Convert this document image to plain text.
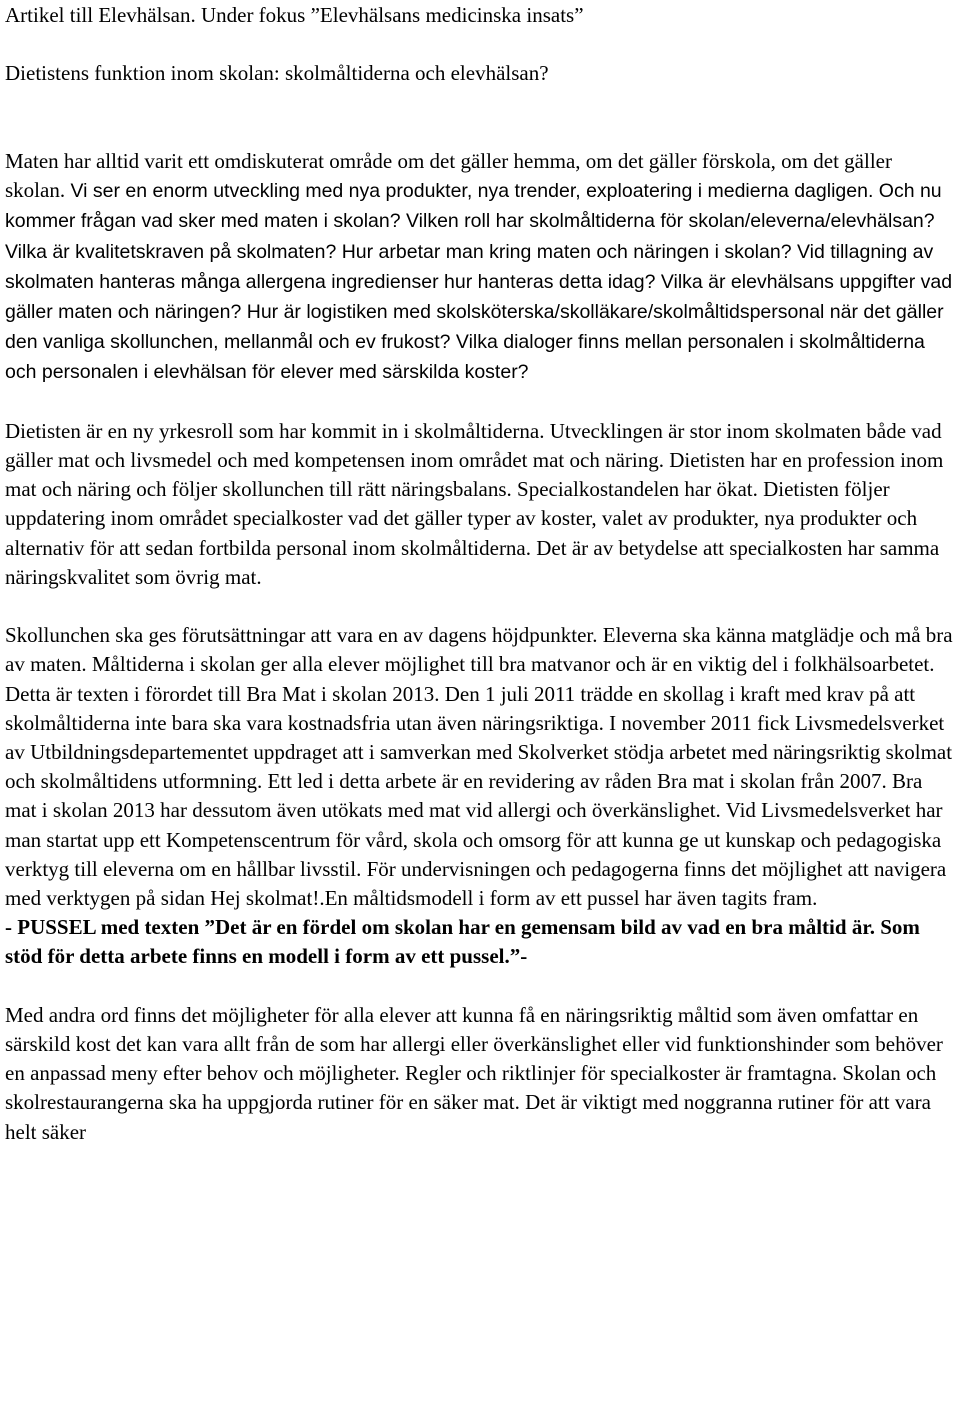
Artikel till Elevhälsan. Under fokus ”Elevhälsans medicinska insats”

Dietistens funktion inom skolan: skolmåltiderna och elevhälsan?

Maten har alltid varit ett omdiskuterat område om det gäller hemma, om det gäller förskola, om det gäller skolan. Vi ser en enorm utveckling med nya produkter, nya trender, exploatering i medierna dagligen. Och nu kommer frågan vad sker med maten i skolan? Vilken roll har skolmåltiderna för skolan/eleverna/elevhälsan? Vilka är kvalitetskraven på skolmaten? Hur arbetar man kring maten och näringen i skolan? Vid tillagning av skolmaten hanteras många allergena ingredienser hur hanteras detta idag? Vilka är elevhälsans uppgifter vad gäller maten och näringen? Hur är logistiken med skolsköterska/skolläkare/skolmåltidspersonal när det gäller den vanliga skollunchen, mellanmål och ev frukost? Vilka dialoger finns mellan personalen i skolmåltiderna och personalen i elevhälsan för elever med särskilda koster?

Dietisten är en ny yrkesroll som har kommit in i skolmåltiderna. Utvecklingen är stor inom skolmaten både vad gäller mat och livsmedel och med kompetensen inom området mat och näring. Dietisten har en profession inom mat och näring och följer skollunchen till rätt näringsbalans. Specialkostandelen har ökat. Dietisten följer uppdatering inom området specialkoster vad det gäller typer av koster, valet av produkter, nya produkter och alternativ för att sedan fortbilda personal inom skolmåltiderna. Det är av betydelse att specialkosten har samma näringskvalitet som övrig mat.

Skollunchen ska ges förutsättningar att vara en av dagens höjdpunkter. Eleverna ska känna matglädje och må bra av maten. Måltiderna i skolan ger alla elever möjlighet till bra matvanor och är en viktig del i folkhälsoarbetet. Detta är texten i förordet till Bra Mat i skolan 2013. Den 1 juli 2011 trädde en skollag i kraft med krav på att skolmåltiderna inte bara ska vara kostnadsfria utan även näringsriktiga. I november 2011 fick Livsmedelsverket av Utbildningsdepartementet uppdraget att i samverkan med Skolverket stödja arbetet med näringsriktig skolmat och skolmåltidens utformning. Ett led i detta arbete är en revidering av råden Bra mat i skolan från 2007. Bra mat i skolan 2013 har dessutom även utökats med mat vid allergi och överkänslighet. Vid Livsmedelsverket har man startat upp ett Kompetenscentrum för vård, skola och omsorg för att kunna ge ut kunskap och pedagogiska verktyg till eleverna om en hållbar livsstil. För undervisningen och pedagogerna finns det möjlighet att navigera med verktygen på sidan Hej skolmat!.En måltidsmodell i form av ett pussel har även tagits fram.

- PUSSEL med texten ”Det är en fördel om skolan har en gemensam bild av vad en bra måltid är. Som stöd för detta arbete finns en modell i form av ett pussel.”-

Med andra ord finns det möjligheter för alla elever att kunna få en näringsriktig måltid som även omfattar en särskild kost det kan vara allt från de som har allergi eller överkänslighet eller vid funktionshinder som behöver en anpassad meny efter behov och möjligheter. Regler och riktlinjer för specialkoster är framtagna. Skolan och skolrestaurangerna ska ha uppgjorda rutiner för en säker mat. Det är viktigt med noggranna rutiner för att vara helt säker
